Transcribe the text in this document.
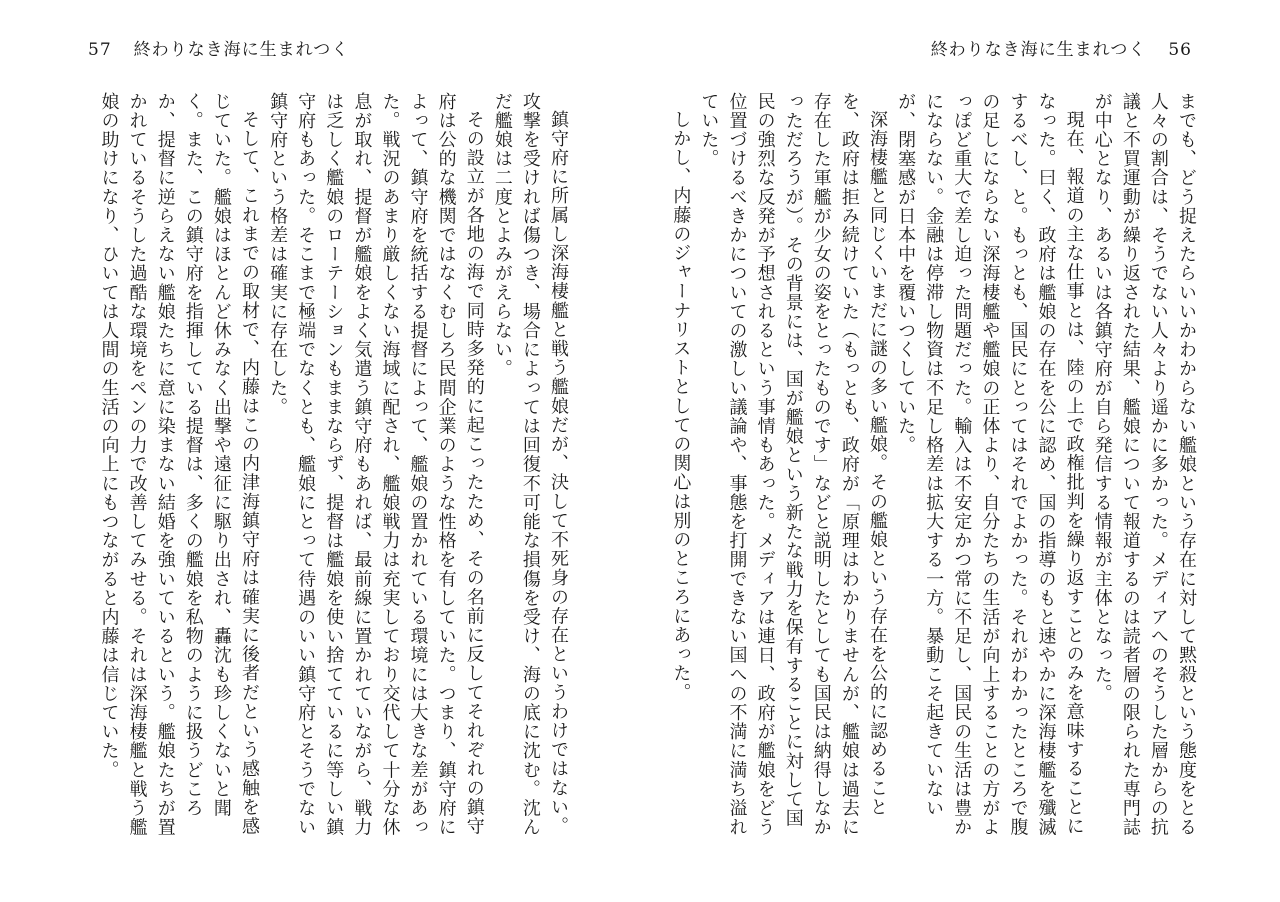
57 終わりなき海に生まれつく

鎮守府に所属し深海棲艦と戦う艦娘だが、決して不死身の存在というわけではない。攻撃を受ければ傷つき、場合によっては回復不可能な損傷を受け、海の底に沈む。沈んだ艦娘は二度とよみがえらない。

その設立が各地の海で同時多発的に起こったため、その名前に反してそれぞれの鎮守府は公的な機関ではなくむしろ民間企業のような性格を有していた。つまり、鎮守府によって、鎮守府を統括する提督によって、艦娘の置かれている環境には大きな差があった。戦況のあまり厳しくない海域に配され、艦娘戦力は充実しており交代して十分な休息が取れ、提督が艦娘をよく気遣う鎮守府もあれば、最前線に置かれていながら、戦力は乏しく艦娘のローテーションもままならず、提督は艦娘を使い捨てているに等しい鎮守府もあった。そこまで極端でなくとも、艦娘にとって待遇のいい鎮守府とそうでない鎮守府という格差は確実に存在した。

そして、これまでの取材で、内藤はこの内津海鎮守府は確実に後者だという感触を感じていた。艦娘はほとんど休みなく出撃や遠征に駆り出され、轟沈も珍しくないと聞く。また、この鎮守府を指揮している提督は、多くの艦娘を私物のように扱うどころか、提督に逆らえない艦娘たちに意に染まない結婚を強いているという。艦娘たちが置かれているそうした過酷な環境をペンの力で改善してみせる。それは深海棲艦と戦う艦娘の助けになり、ひいては人間の生活の向上にもつながると内藤は信じていた。

終わりなき海に生まれつく 56

までも、どう捉えたらいいかわからない艦娘という存在に対して黙殺という態度をとる人々の割合は、そうでない人々より遥かに多かった。メディアへのそうした層からの抗議と不買運動が繰り返された結果、艦娘について報道するのは読者層の限られた専門誌が中心となり、あるいは各鎮守府が自ら発信する情報が主体となった。

現在、報道の主な仕事とは、陸の上で政権批判を繰り返すことのみを意味することになった。曰く、政府は艦娘の存在を公に認め、国の指導のもと速やかに深海棲艦を殲滅するべし、と。もっとも、国民にとってはそれでよかった。それがわかったところで腹の足しにならない深海棲艦や艦娘の正体より、自分たちの生活が向上することの方がよっぽど重大で差し迫った問題だった。輸入は不安定かつ常に不足し、国民の生活は豊かにならない。金融は停滞し物資は不足し格差は拡大する一方。暴動こそ起きていないが、閉塞感が日本中を覆いつくしていた。

深海棲艦と同じくいまだに謎の多い艦娘。その艦娘という存在を公的に認めることを、政府は拒み続けていた（もっとも、政府が「原理はわかりませんが、艦娘は過去に存在した軍艦が少女の姿をとったものです」などと説明したとしても国民は納得しなかっただろうが）。その背景には、国が艦娘という新たな戦力を保有することに対して国民の強烈な反発が予想されるという事情もあった。メディアは連日、政府が艦娘をどう位置づけるべきかについての激しい議論や、事態を打開できない国への不満に満ち溢れていた。

しかし、内藤のジャーナリストとしての関心は別のところにあった。
